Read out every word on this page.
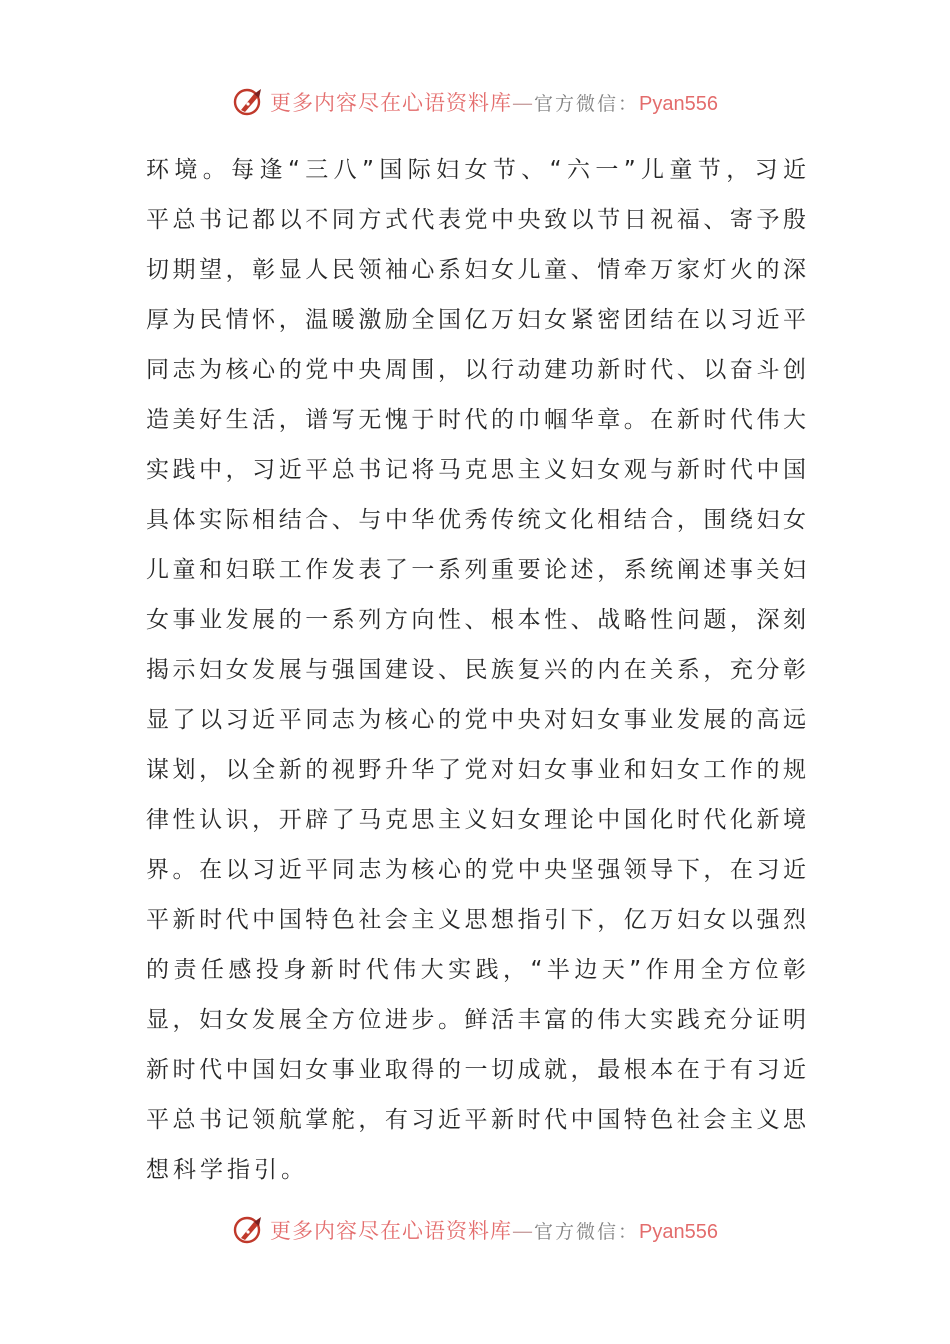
更多内容尽在心语资料库—官方微信：Pyan556
环境。每逢“三八”国际妇女节、“六一”儿童节，习近
平总书记都以不同方式代表党中央致以节日祝福、寄予殷
切期望，彰显人民领袖心系妇女儿童、情牵万家灯火的深
厚为民情怀，温暖激励全国亿万妇女紧密团结在以习近平
同志为核心的党中央周围，以行动建功新时代、以奋斗创
造美好生活，谱写无愧于时代的巾帼华章。在新时代伟大
实践中，习近平总书记将马克思主义妇女观与新时代中国
具体实际相结合、与中华优秀传统文化相结合，围绕妇女
儿童和妇联工作发表了一系列重要论述，系统阐述事关妇
女事业发展的一系列方向性、根本性、战略性问题，深刻
揭示妇女发展与强国建设、民族复兴的内在关系，充分彰
显了以习近平同志为核心的党中央对妇女事业发展的高远
谋划，以全新的视野升华了党对妇女事业和妇女工作的规
律性认识，开辟了马克思主义妇女理论中国化时代化新境
界。在以习近平同志为核心的党中央坚强领导下，在习近
平新时代中国特色社会主义思想指引下，亿万妇女以强烈
的责任感投身新时代伟大实践，“半边天”作用全方位彰
显，妇女发展全方位进步。鲜活丰富的伟大实践充分证明
新时代中国妇女事业取得的一切成就，最根本在于有习近
平总书记领航掌舵，有习近平新时代中国特色社会主义思
想科学指引。
更多内容尽在心语资料库—官方微信：Pyan556
